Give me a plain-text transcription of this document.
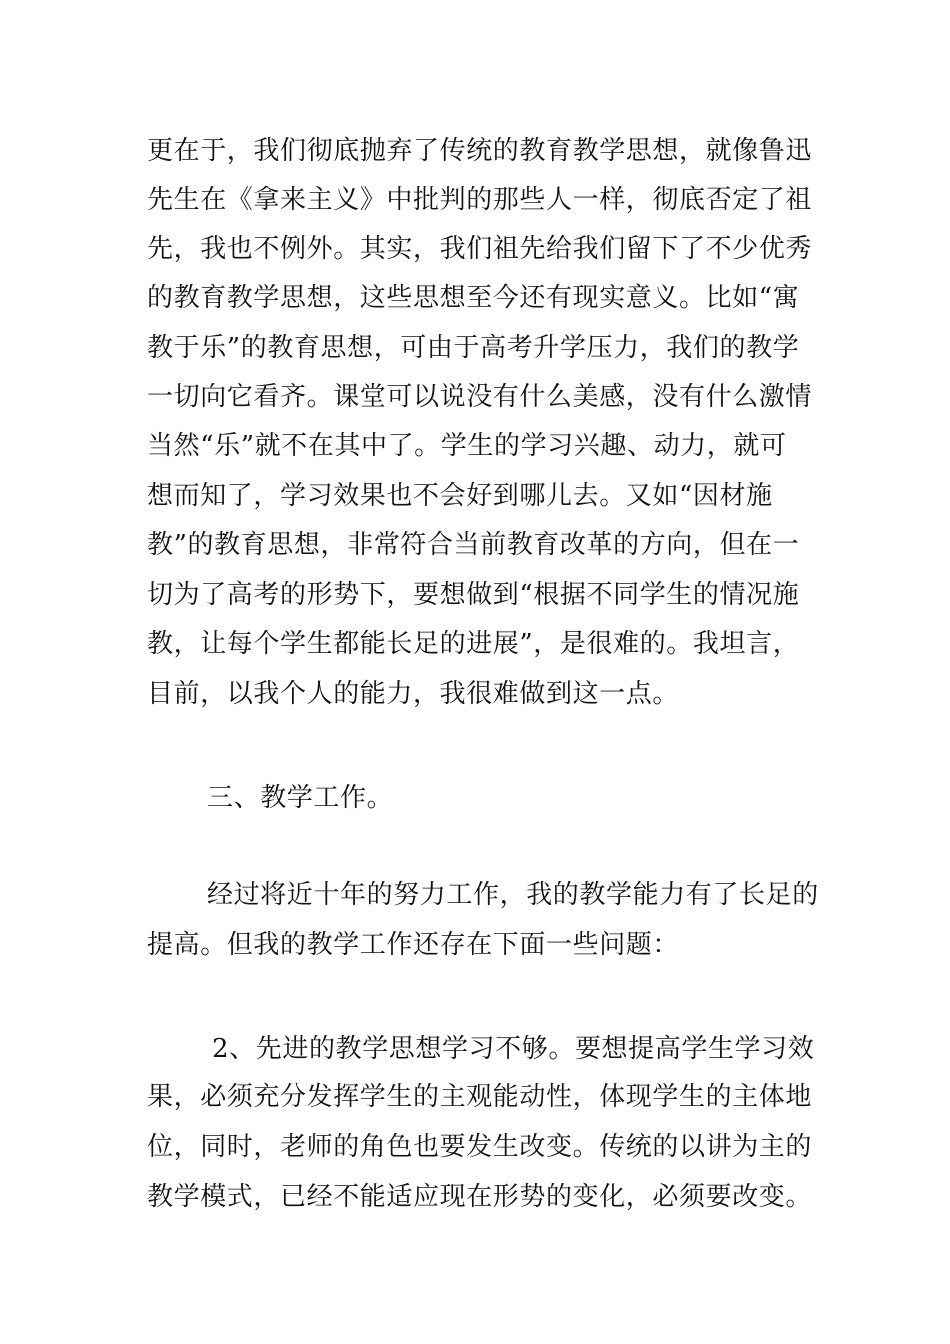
更在于，我们彻底抛弃了传统的教育教学思想，就像鲁迅
先生在《拿来主义》中批判的那些人一样，彻底否定了祖
先，我也不例外。其实，我们祖先给我们留下了不少优秀
的教育教学思想，这些思想至今还有现实意义。比如“寓
教于乐”的教育思想，可由于高考升学压力，我们的教学
一切向它看齐。课堂可以说没有什么美感，没有什么激情
当然“乐”就不在其中了。学生的学习兴趣、动力，就可
想而知了，学习效果也不会好到哪儿去。又如“因材施
教”的教育思想，非常符合当前教育改革的方向，但在一
切为了高考的形势下，要想做到“根据不同学生的情况施
教，让每个学生都能长足的进展”，是很难的。我坦言，
目前，以我个人的能力，我很难做到这一点。
三、教学工作。
经过将近十年的努力工作，我的教学能力有了长足的
提高。但我的教学工作还存在下面一些问题：
2、先进的教学思想学习不够。要想提高学生学习效
果，必须充分发挥学生的主观能动性，体现学生的主体地
位，同时，老师的角色也要发生改变。传统的以讲为主的
教学模式，已经不能适应现在形势的变化，必须要改变。
